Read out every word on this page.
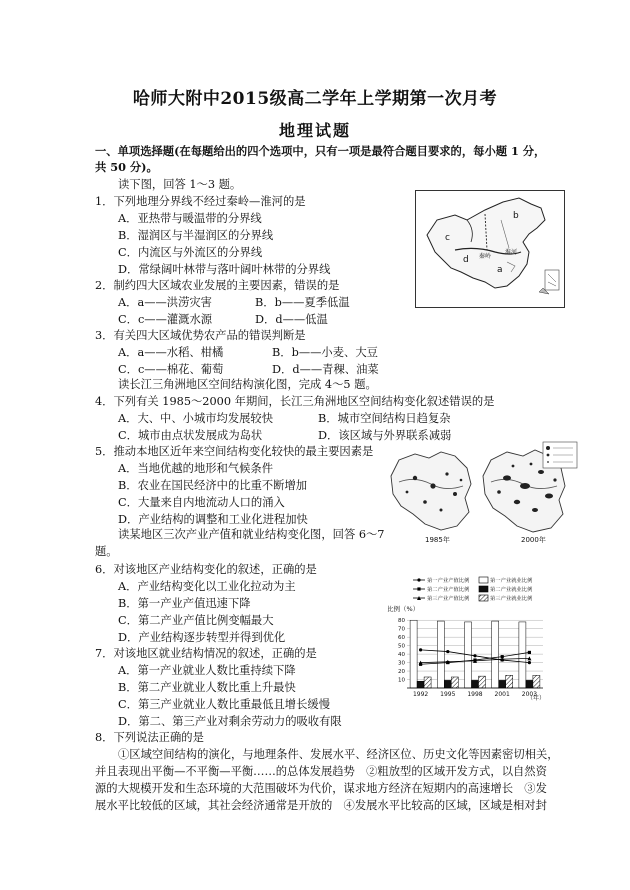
哈师大附中2015级高二学年上学期第一次月考
地理试题
一、单项选择题(在每题给出的四个选项中，只有一项是最符合题目要求的，每小题 1 分，
共 50 分)。
读下图，回答 1～3 题。
1．下列地理分界线不经过秦岭—淮河的是
A．亚热带与暖温带的分界线
B．湿润区与半湿润区的分界线
C．内流区与外流区的分界线
D．常绿阔叶林带与落叶阔叶林带的分界线
2．制约四大区域农业发展的主要因素，错误的是
A．a——洪涝灾害	B．b——夏季低温
C．c——灌溉水源	D．d——低温
3．有关四大区域优势农产品的错误判断是
A．a——水稻、柑橘	B．b——小麦、大豆
C．c——棉花、葡萄	D．d——青稞、油菜
读长江三角洲地区空间结构演化图，完成 4～5 题。
4．下列有关 1985～2000 年期间，长江三角洲地区空间结构变化叙述错误的是
A．大、中、小城市均发展较快	B．城市空间结构日趋复杂
C．城市由点状发展成为岛状	D．该区域与外界联系减弱
5．推动本地区近年来空间结构变化较快的最主要因素是
A．当地优越的地形和气候条件
B．农业在国民经济中的比重不断增加
C．大量来自内地流动人口的涌入
D．产业结构的调整和工业化进程加快
读某地区三次产业产值和就业结构变化图，回答 6～7
题。
6．对该地区产业结构变化的叙述，正确的是
A．产业结构变化以工业化拉动为主
B．第一产业产值迅速下降
C．第二产业产值比例变幅最大
D．产业结构逐步转型并得到优化
7．对该地区就业结构情况的叙述，正确的是
A．第一产业就业人数比重持续下降
B．第二产业就业人数比重上升最快
C．第三产业就业人数比重最低且增长缓慢
D．第二、第三产业对剩余劳动力的吸收有限
8．下列说法正确的是
①区域空间结构的演化，与地理条件、发展水平、经济区位、历史文化等因素密切相关，
并且表现出平衡—不平衡—平衡……的总体发展趋势　②粗放型的区域开发方式，以自然资
源的大规模开发和生态环境的大范围破坏为代价，谋求地方经济在短期内的高速增长　③发
展水平比较低的区域，其社会经济通常是开放的　④发展水平比较高的区域，区域是相对封
c
b
a
d
淮河
秦岭
1985年	2000年
第一产业产值比例	第一产业就业比例
第二产业产值比例	第二产业就业比例
第三产业产值比例	第三产业就业比例
比例（%）
80
70
60
50
40
30
20
10
1992 1995 1998 2001 2003
（年）
